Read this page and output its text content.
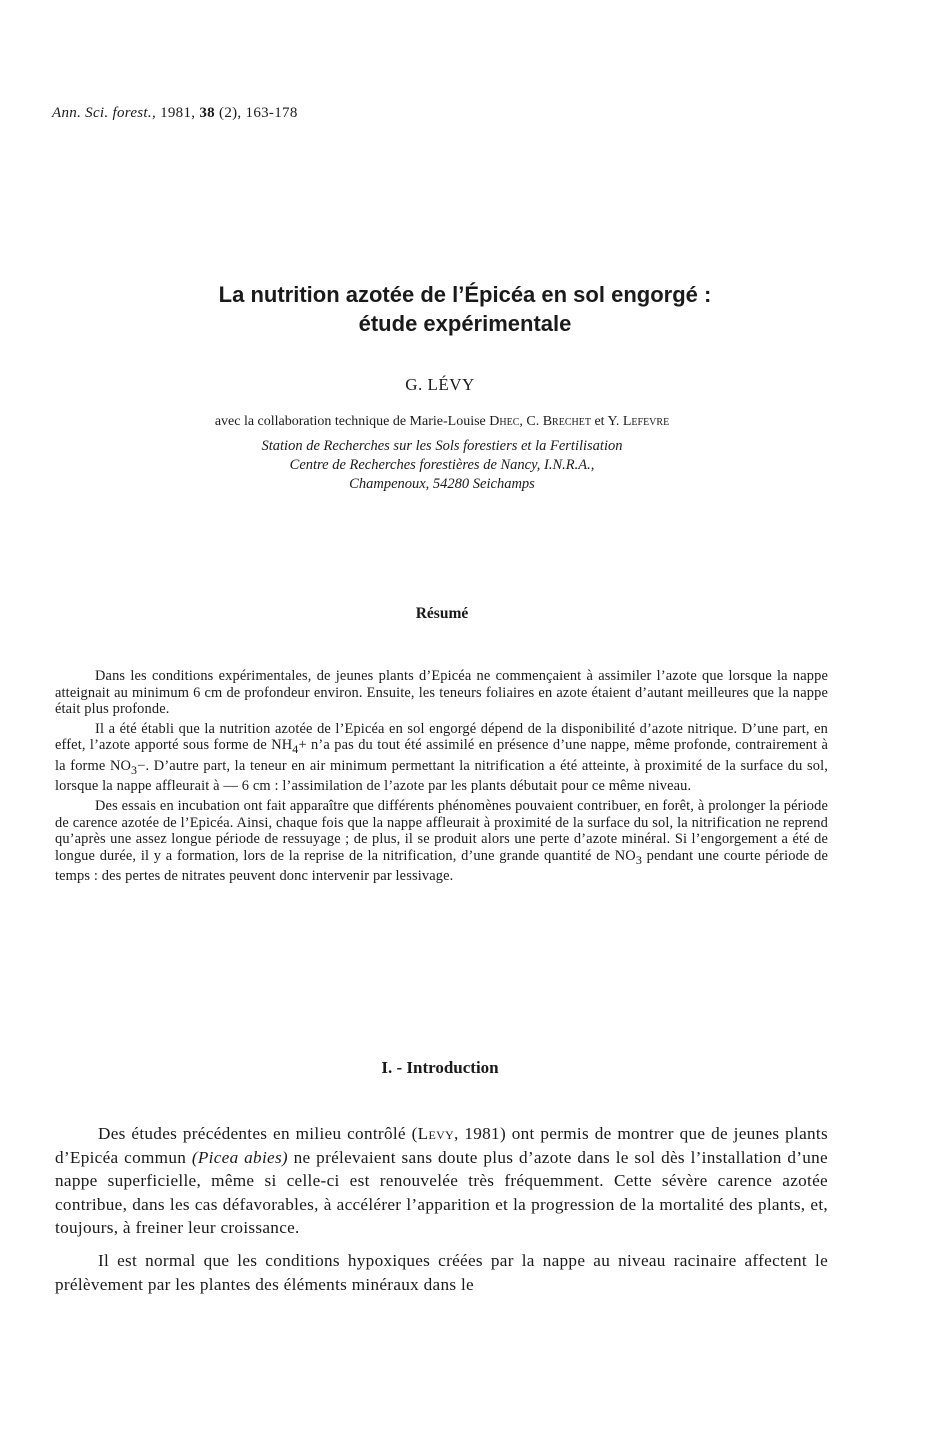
Ann. Sci. forest., 1981, 38 (2), 163-178
La nutrition azotée de l’Épicéa en sol engorgé :
étude expérimentale
G. LÉVY
avec la collaboration technique de Marie-Louise Dhec, C. Brechet et Y. Lefevre
Station de Recherches sur les Sols forestiers et la Fertilisation
Centre de Recherches forestières de Nancy, I.N.R.A.,
Champenoux, 54280 Seichamps
Résumé

Dans les conditions expérimentales, de jeunes plants d’Epicéa ne commençaient à assimiler l’azote que lorsque la nappe atteignait au minimum 6 cm de profondeur environ. Ensuite, les teneurs foliaires en azote étaient d’autant meilleures que la nappe était plus profonde.

Il a été établi que la nutrition azotée de l’Epicéa en sol engorgé dépend de la disponibilité d’azote nitrique. D’une part, en effet, l’azote apporté sous forme de $NH_4+$ n’a pas du tout été assimilé en présence d’une nappe, même profonde, contrairement à la forme $NO_3-$. D’autre part, la teneur en air minimum permettant la nitrification a été atteinte, à proximité de la surface du sol, lorsque la nappe affleurait à — 6 cm : l’assimilation de l’azote par les plants débutait pour ce même niveau.

Des essais en incubation ont fait apparaître que différents phénomènes pouvaient contribuer, en forêt, à prolonger la période de carence azotée de l’Epicéa. Ainsi, chaque fois que la nappe affleurait à proximité de la surface du sol, la nitrification ne reprend qu’après une assez longue période de ressuyage ; de plus, il se produit alors une perte d’azote minéral. Si l’engorgement a été de longue durée, il y a formation, lors de la reprise de la nitrification, d’une grande quantité de $NO_3$ pendant une courte période de temps : des pertes de nitrates peuvent donc intervenir par lessivage.

I. - Introduction

Des études précédentes en milieu contrôlé (Levy, 1981) ont permis de montrer que de jeunes plants d’Epicéa commun (Picea abies) ne prélevaient sans doute plus d’azote dans le sol dès l’installation d’une nappe superficielle, même si celle-ci est renouvelée très fréquemment. Cette sévère carence azotée contribue, dans les cas défavorables, à accélérer l’apparition et la progression de la mortalité des plants, et, toujours, à freiner leur croissance.

Il est normal que les conditions hypoxiques créées par la nappe au niveau racinaire affectent le prélèvement par les plantes des éléments minéraux dans le
